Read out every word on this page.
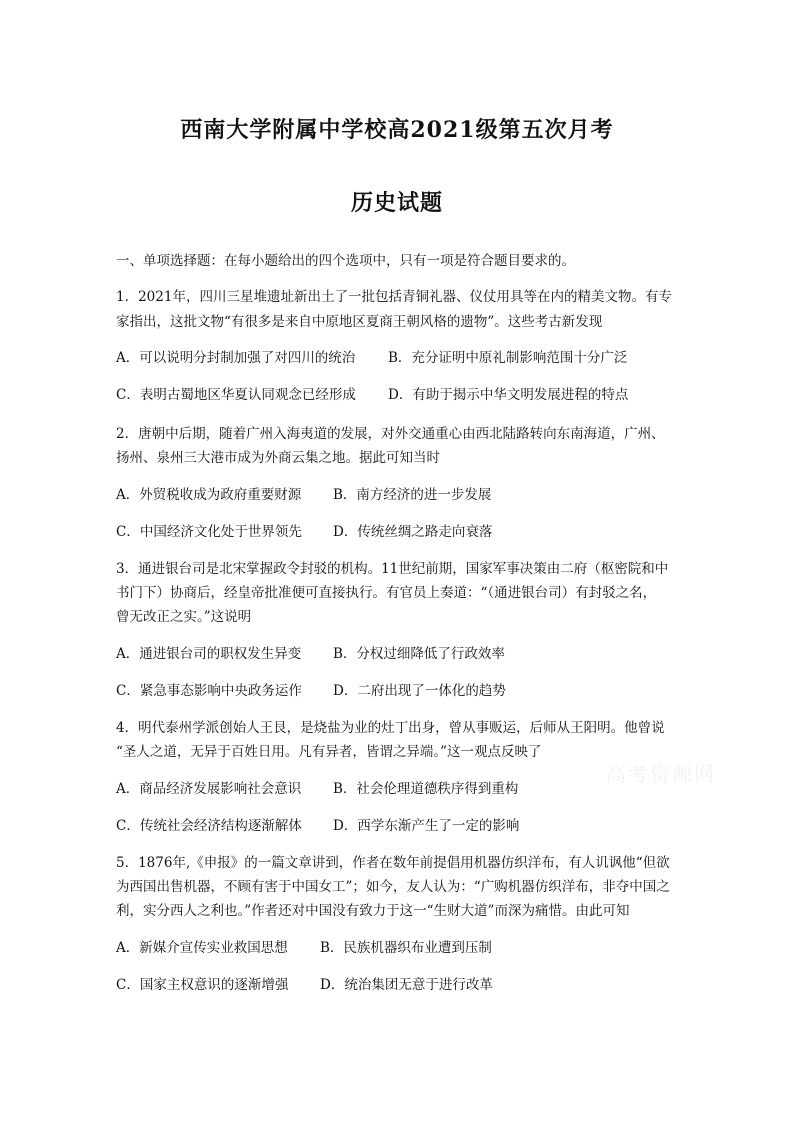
西南大学附属中学校高2021级第五次月考
历史试题
一、单项选择题：在每小题给出的四个选项中，只有一项是符合题目要求的。
1．2021年，四川三星堆遗址新出土了一批包括青铜礼器、仪仗用具等在内的精美文物。有专
家指出，这批文物“有很多是来自中原地区夏商王朝风格的遗物”。这些考古新发现
A．可以说明分封制加强了对四川的统治 B．充分证明中原礼制影响范围十分广泛
C．表明古蜀地区华夏认同观念已经形成 D．有助于揭示中华文明发展进程的特点
2．唐朝中后期，随着广州入海夷道的发展，对外交通重心由西北陆路转向东南海道，广州、
扬州、泉州三大港市成为外商云集之地。据此可知当时
A．外贸税收成为政府重要财源 B．南方经济的进一步发展
C．中国经济文化处于世界领先 D．传统丝绸之路走向衰落
3．通进银台司是北宋掌握政令封驳的机构。11世纪前期，国家军事决策由二府（枢密院和中
书门下）协商后，经皇帝批准便可直接执行。有官员上奏道：“（通进银台司）有封驳之名，
曾无改正之实。”这说明
A．通进银台司的职权发生异变 B．分权过细降低了行政效率
C．紧急事态影响中央政务运作 D．二府出现了一体化的趋势
4．明代泰州学派创始人王艮，是烧盐为业的灶丁出身，曾从事贩运，后师从王阳明。他曾说
“圣人之道，无异于百姓日用。凡有异者，皆谓之异端。”这一观点反映了
A．商品经济发展影响社会意识 B．社会伦理道德秩序得到重构
C．传统社会经济结构逐渐解体 D．西学东渐产生了一定的影响
高考资源网
5．1876年,《申报》的一篇文章讲到，作者在数年前提倡用机器仿织洋布，有人讥讽他“但欲
为西国出售机器，不顾有害于中国女工”；如今，友人认为：“广购机器仿织洋布，非夺中国之
利，实分西人之利也。”作者还对中国没有致力于这一“生财大道”而深为痛惜。由此可知
A．新媒介宣传实业救国思想 B．民族机器织布业遭到压制
C．国家主权意识的逐渐增强 D．统治集团无意于进行改革
